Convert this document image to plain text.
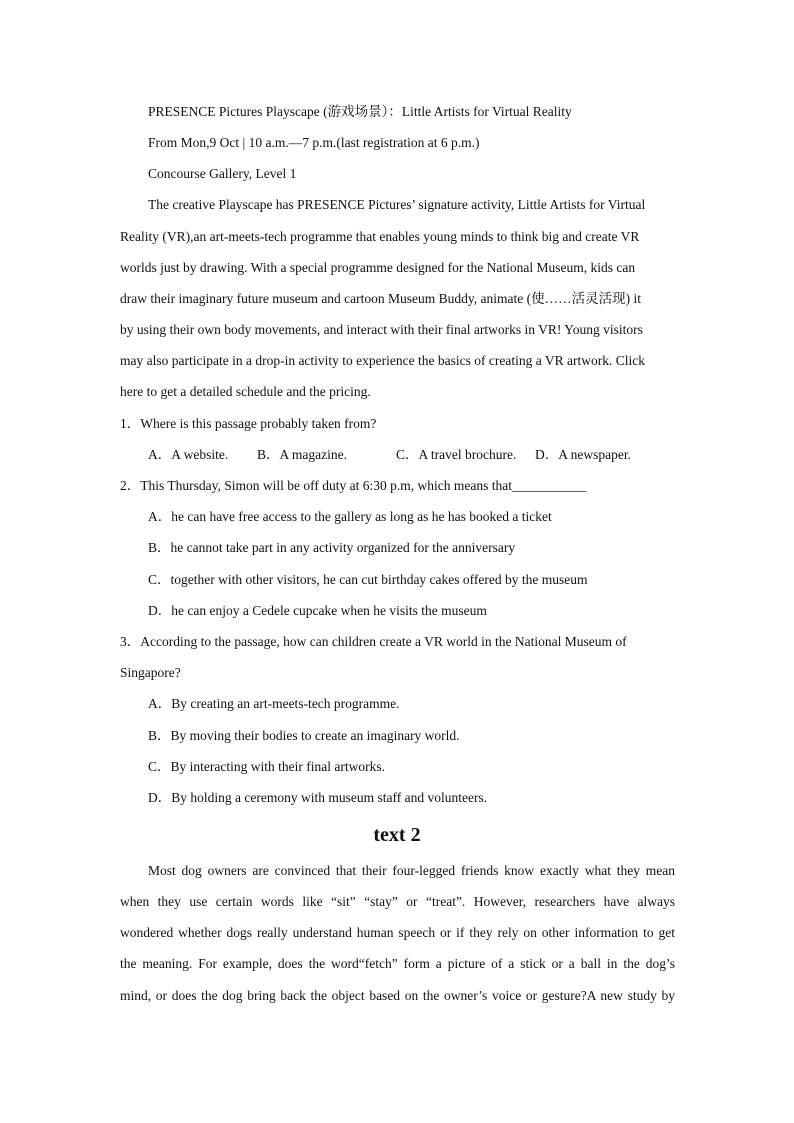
PRESENCE Pictures Playscape (游戏场景）：Little Artists for Virtual Reality
From Mon,9 Oct | 10 a.m.—7 p.m.(last registration at 6 p.m.)
Concourse Gallery, Level 1
The creative Playscape has PRESENCE Pictures’ signature activity, Little Artists for Virtual
Reality (VR),an art-meets-tech programme that enables young minds to think big and create VR
worlds just by drawing. With a special programme designed for the National Museum, kids can
draw their imaginary future museum and cartoon Museum Buddy, animate (使……活灵活现) it
by using their own body movements, and interact with their final artworks in VR! Young visitors
may also participate in a drop-in activity to experience the basics of creating a VR artwork. Click
here to get a detailed schedule and the pricing.
1．Where is this passage probably taken from?
A．A website. B．A magazine.	C．A travel brochure. D．A newspaper.
2．This Thursday, Simon will be off duty at 6:30 p.m, which means that___________
A．he can have free access to the gallery as long as he has booked a ticket
B．he cannot take part in any activity organized for the anniversary
C．together with other visitors, he can cut birthday cakes offered by the museum
D．he can enjoy a Cedele cupcake when he visits the museum
3．According to the passage, how can children create a VR world in the National Museum of
Singapore?
A．By creating an art-meets-tech programme.
B．By moving their bodies to create an imaginary world.
C．By interacting with their final artworks.
D．By holding a ceremony with museum staff and volunteers.
text 2
Most dog owners are convinced that their four-legged friends know exactly what they mean
when they use certain words like “sit” “stay” or “treat”. However, researchers have always
wondered whether dogs really understand human speech or if they rely on other information to get
the meaning. For example, does the word“fetch” form a picture of a stick or a ball in the dog’s
mind, or does the dog bring back the object based on the owner’s voice or gesture?A new study by
